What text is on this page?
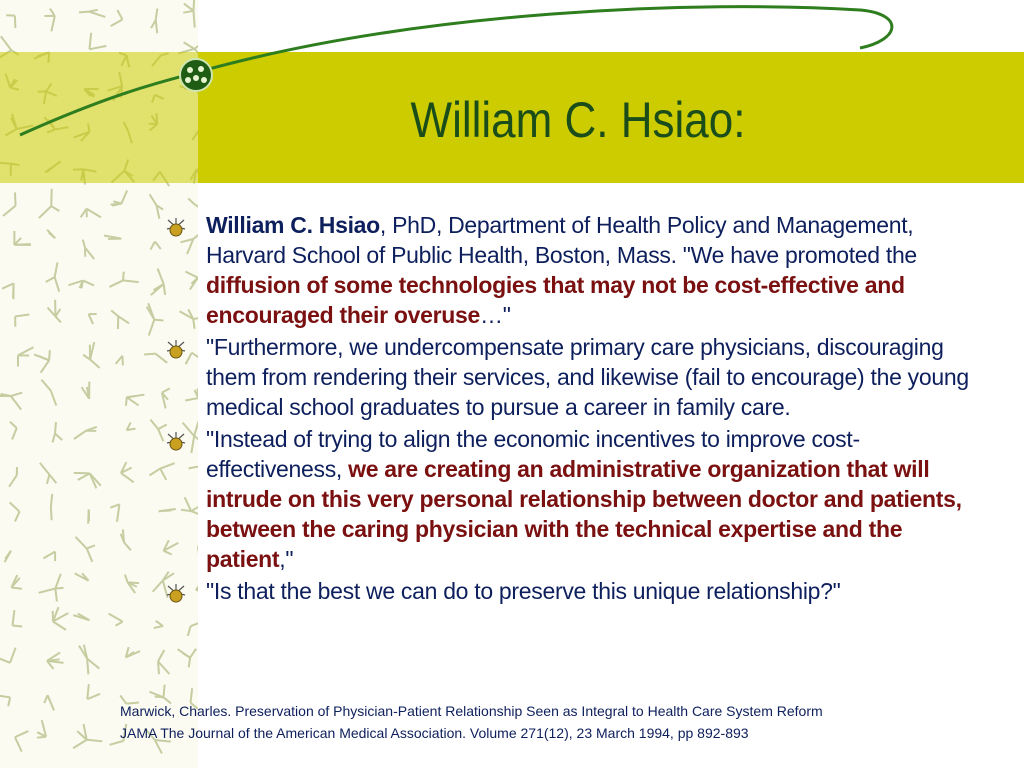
William C. Hsiao:
William C. Hsiao, PhD, Department of Health Policy and Management, Harvard School of Public Health, Boston, Mass. "We have promoted the diffusion of some technologies that may not be cost-effective and encouraged their overuse…"
"Furthermore, we undercompensate primary care physicians, discouraging them from rendering their services, and likewise (fail to encourage) the young medical school graduates to pursue a career in family care.
"Instead of trying to align the economic incentives to improve cost-effectiveness, we are creating an administrative organization that will intrude on this very personal relationship between doctor and patients, between the caring physician with the technical expertise and the patient,"
"Is that the best we can do to preserve this unique relationship?"
Marwick, Charles. Preservation of Physician-Patient Relationship Seen as Integral to Health Care System Reform
JAMA The Journal of the American Medical Association. Volume 271(12), 23 March 1994, pp 892-893
